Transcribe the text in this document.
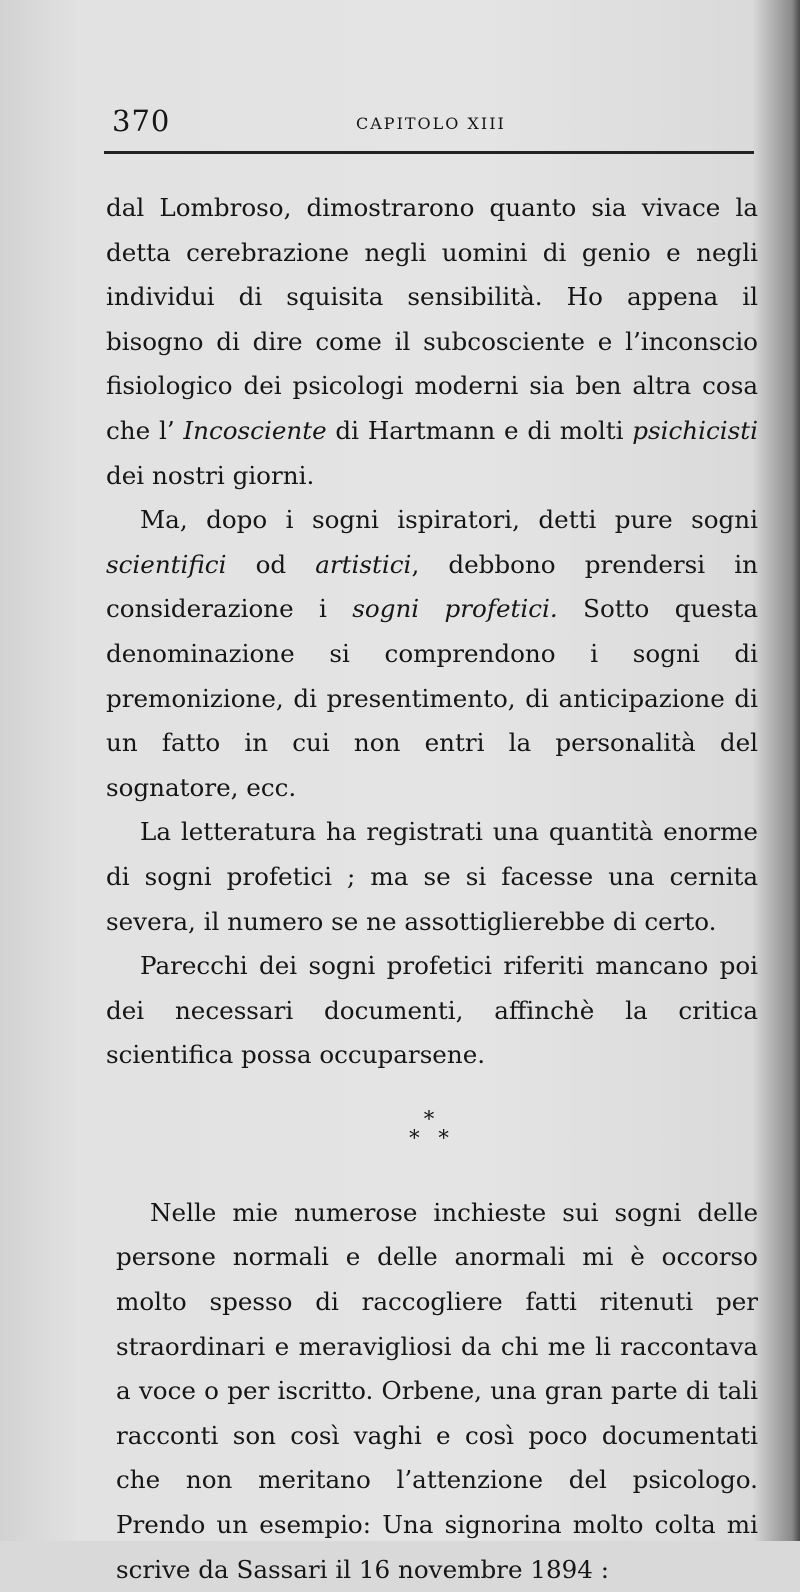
370	CAPITOLO XIII

dal Lombroso, dimostrarono quanto sia vivace la detta cerebrazione negli uomini di genio e negli individui di squisita sensibilità. Ho appena il bisogno di dire come il subcosciente e l’inconscio fisiologico dei psicologi moderni sia ben altra cosa che l’ Incosciente di Hartmann e di molti psichicisti dei nostri giorni.

Ma, dopo i sogni ispiratori, detti pure sogni scientifici od artistici, debbono prendersi in considerazione i sogni profetici. Sotto questa denominazione si comprendono i sogni di premonizione, di presentimento, di anticipazione di un fatto in cui non entri la personalità del sognatore, ecc.

La letteratura ha registrati una quantità enorme di sogni profetici ; ma se si facesse una cernita severa, il numero se ne assottiglierebbe di certo.

Parecchi dei sogni profetici riferiti mancano poi dei necessari documenti, affinchè la critica scientifica possa occuparsene.

*
* *

Nelle mie numerose inchieste sui sogni delle persone normali e delle anormali mi è occorso molto spesso di raccogliere fatti ritenuti per straordinari e meravigliosi da chi me li raccontava a voce o per iscritto. Orbene, una gran parte di tali racconti son così vaghi e così poco documentati che non meritano l’attenzione del psicologo. Prendo un esempio: Una signorina molto colta mi scrive da Sassari il 16 novembre 1894 :
